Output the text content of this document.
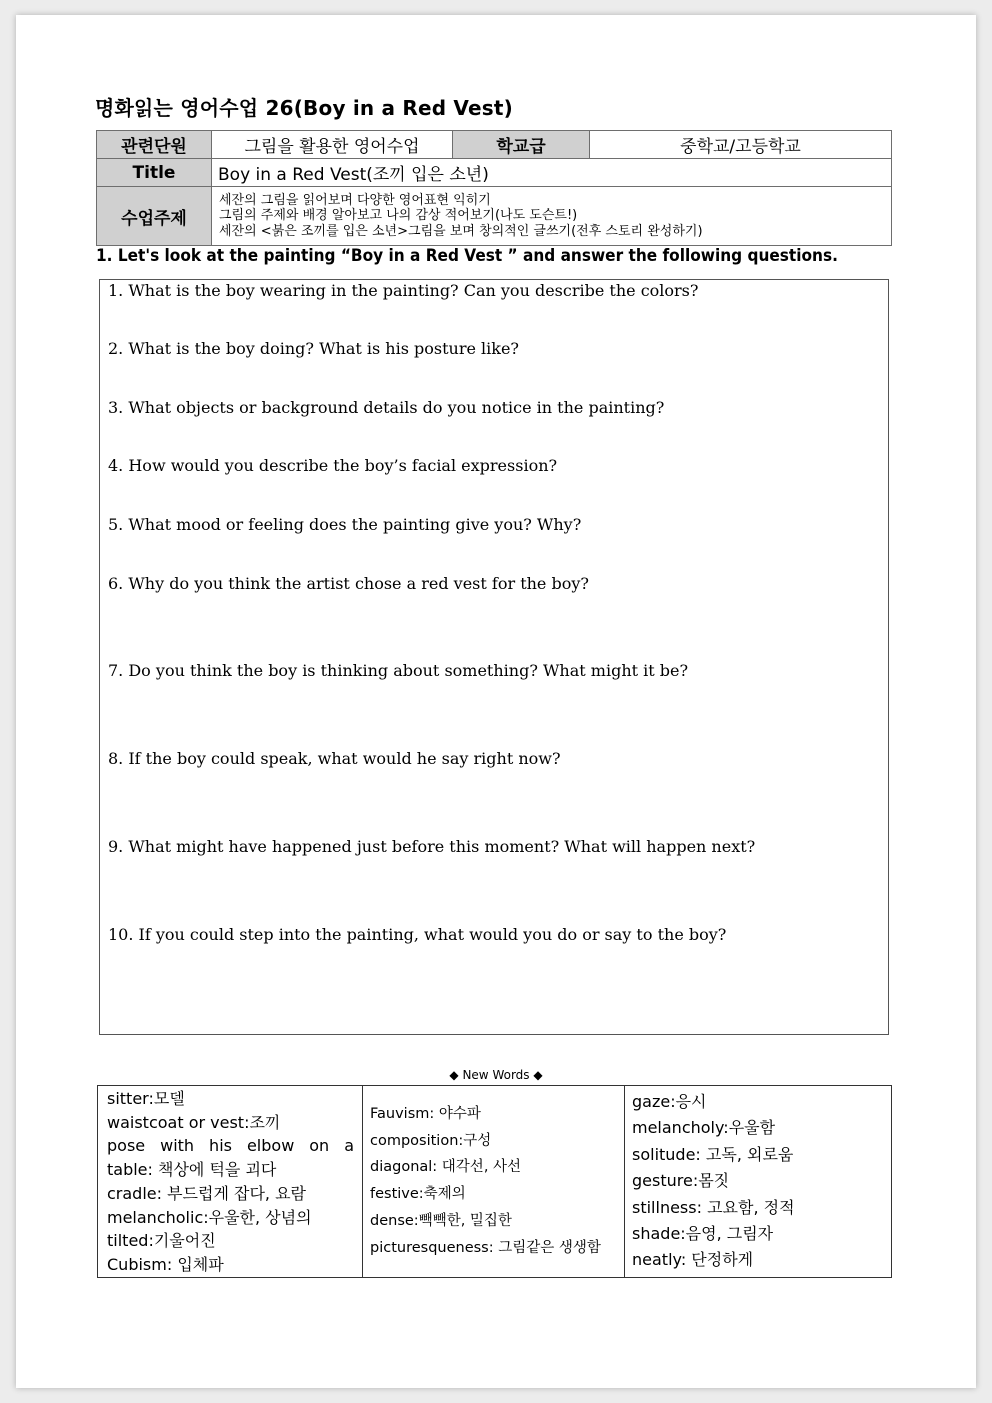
명화읽는 영어수업 26(Boy in a Red Vest)
관련단원	그림을 활용한 영어수업	학교급	중학교/고등학교
Title	Boy in a Red Vest(조끼 입은 소년)		
수업주제	세잔의 그림을 읽어보며 다양한 영어표현 익히기
그림의 주제와 배경 알아보고 나의 감상 적어보기(나도 도슨트!)
세잔의 <붉은 조끼를 입은 소년>그림을 보며 창의적인 글쓰기(전후 스토리 완성하기)		

1. Let's look at the painting “Boy in a Red Vest ” and answer the following questions.

1. What is the boy wearing in the painting? Can you describe the colors?

2. What is the boy doing? What is his posture like?

3. What objects or background details do you notice in the painting?

4. How would you describe the boy’s facial expression?

5. What mood or feeling does the painting give you? Why?

6. Why do you think the artist chose a red vest for the boy?

7. Do you think the boy is thinking about something? What might it be?

8. If the boy could speak, what would he say right now?

9. What might have happened just before this moment? What will happen next?

10. If you could step into the painting, what would you do or say to the boy?

◆ New Words ◆
sitter:모델
waistcoat or vest:조끼
pose with his elbow on a table: 책상에 턱을 괴다
cradle: 부드럽게 잡다, 요람
melancholic:우울한, 상념의
tilted:기울어진
Cubism: 입체파

Fauvism: 야수파
composition:구성
diagonal: 대각선, 사선
festive:축제의
dense:빽빽한, 밀집한
picturesqueness: 그림같은 생생함

gaze:응시
melancholy:우울함
solitude: 고독, 외로움
gesture:몸짓
stillness: 고요함, 정적
shade:음영, 그림자
neatly: 단정하게
